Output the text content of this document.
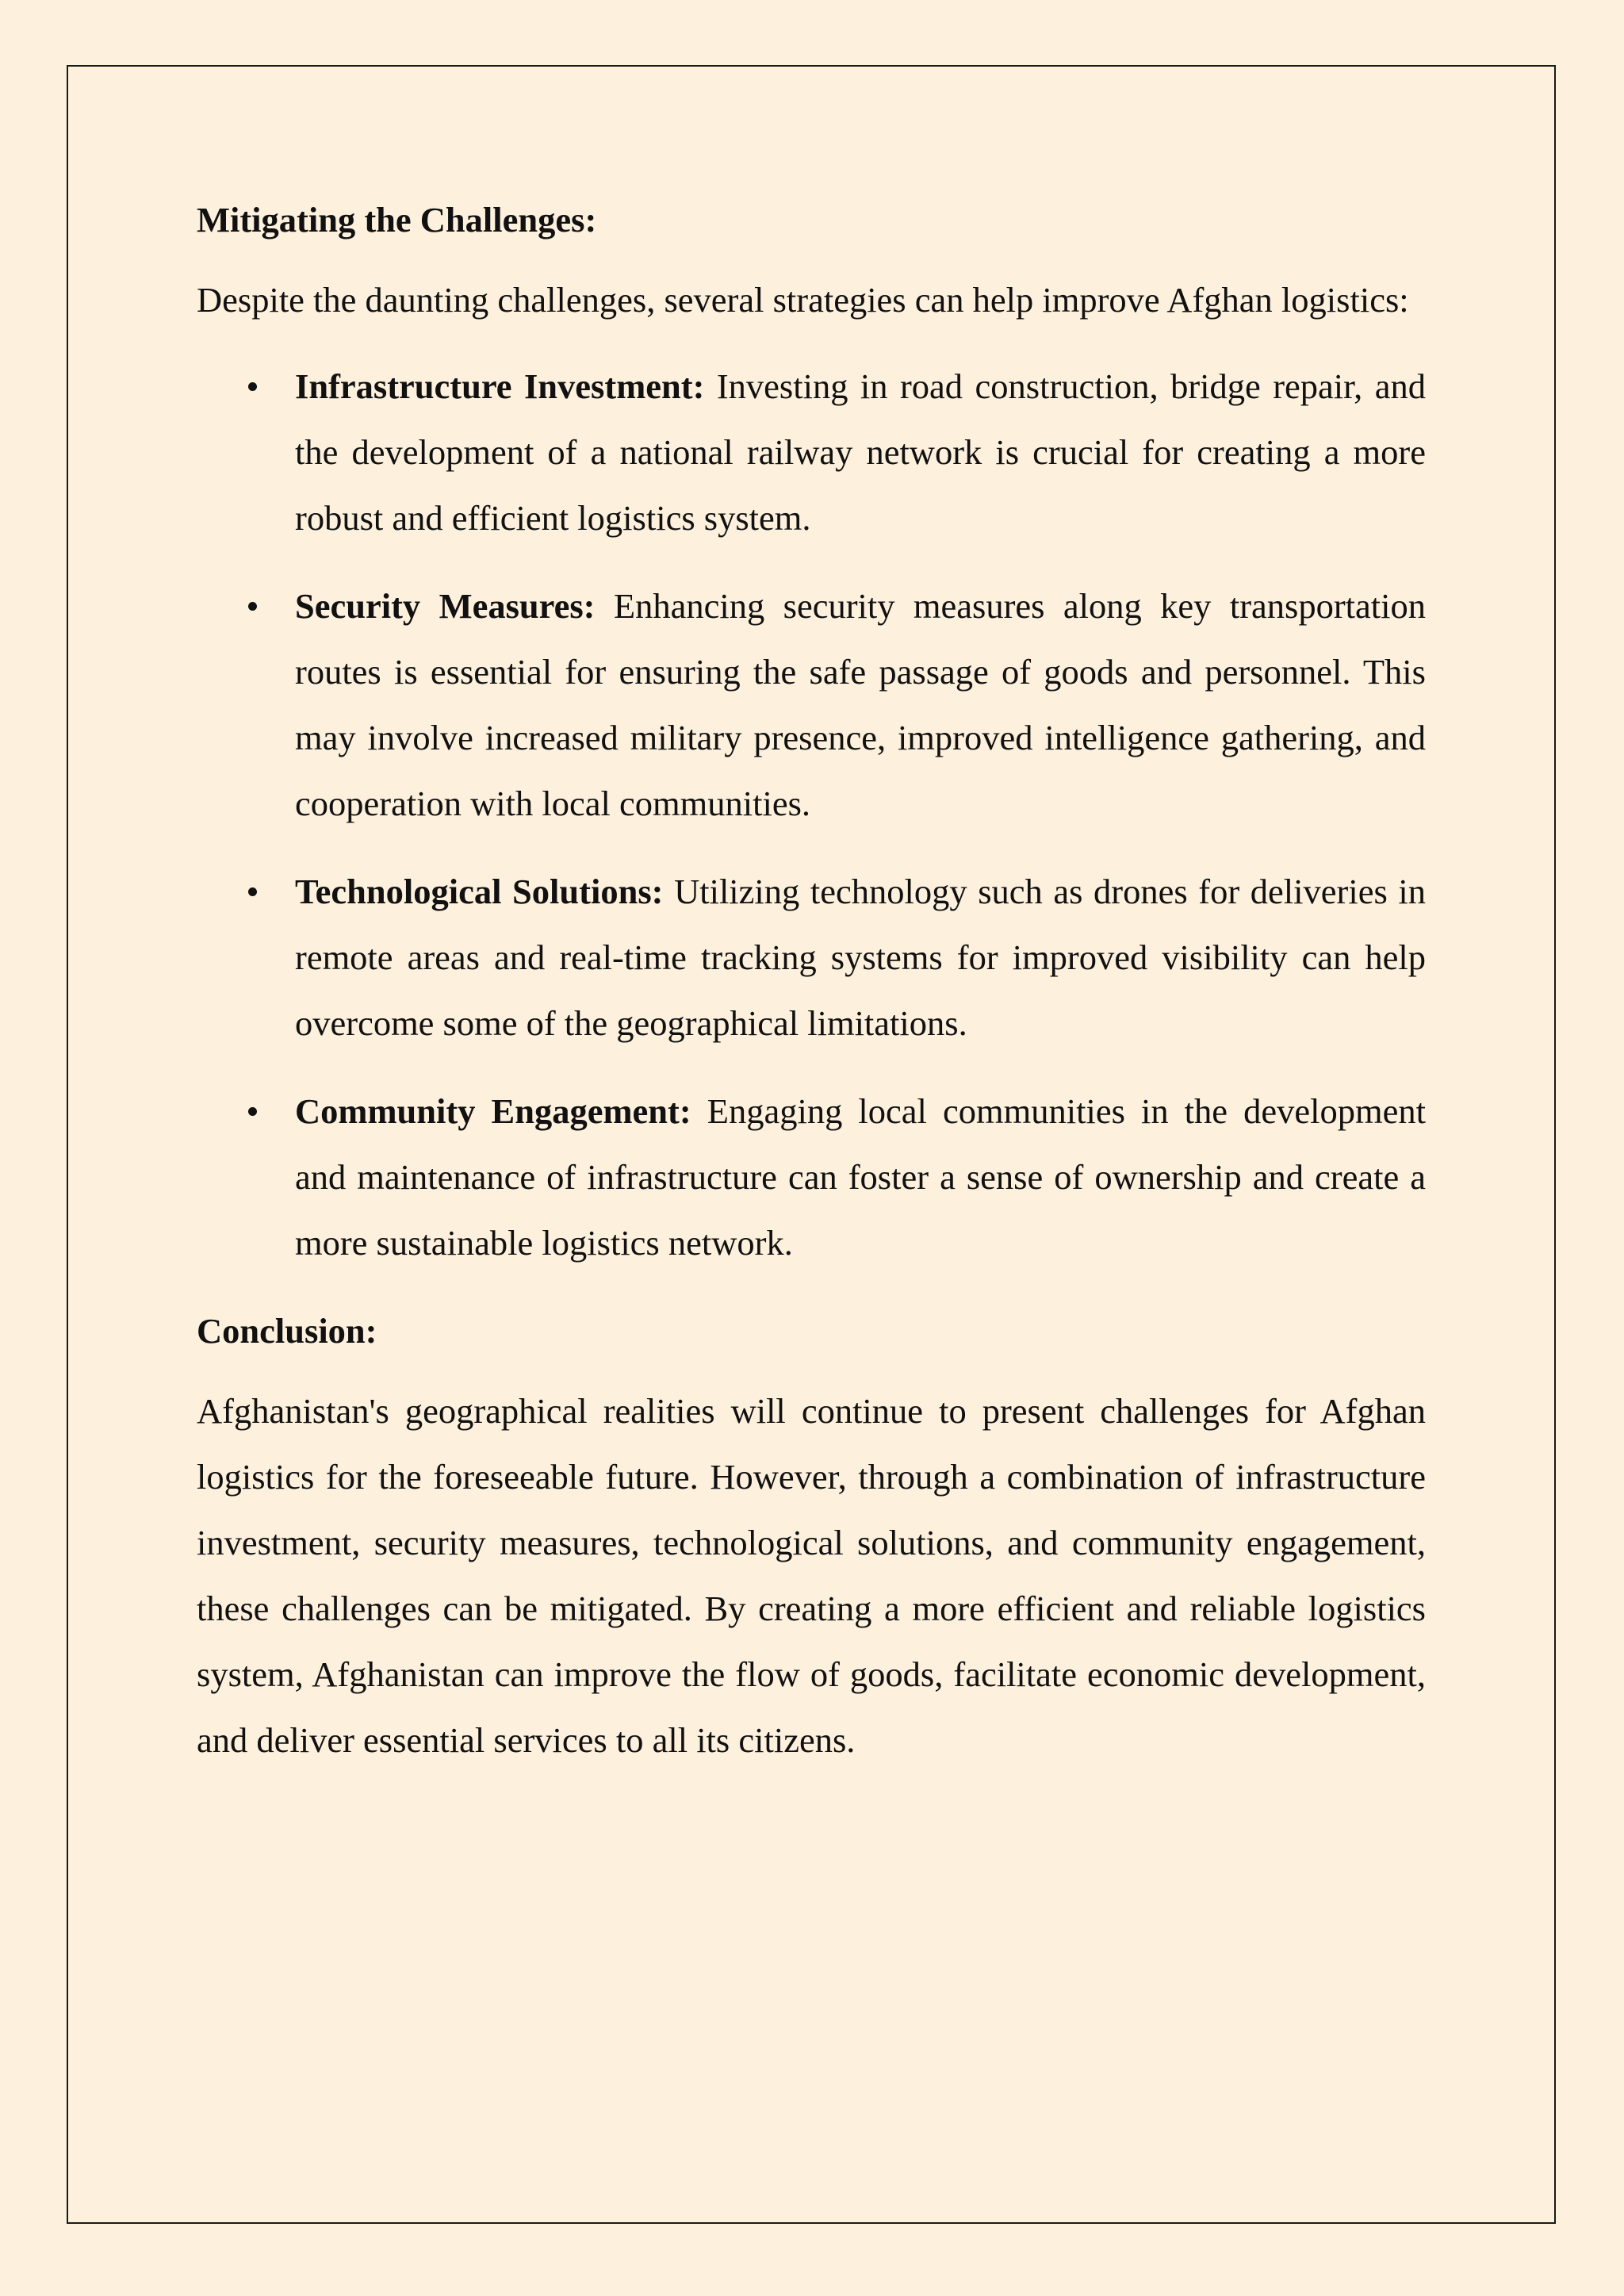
Mitigating the Challenges:

Despite the daunting challenges, several strategies can help improve Afghan logistics:

Infrastructure Investment: Investing in road construction, bridge repair, and the development of a national railway network is crucial for creating a more robust and efficient logistics system.
Security Measures: Enhancing security measures along key transportation routes is essential for ensuring the safe passage of goods and personnel. This may involve increased military presence, improved intelligence gathering, and cooperation with local communities.
Technological Solutions: Utilizing technology such as drones for deliveries in remote areas and real-time tracking systems for improved visibility can help overcome some of the geographical limitations.
Community Engagement: Engaging local communities in the development and maintenance of infrastructure can foster a sense of ownership and create a more sustainable logistics network.

Conclusion:

Afghanistan's geographical realities will continue to present challenges for Afghan logistics for the foreseeable future. However, through a combination of infrastructure investment, security measures, technological solutions, and community engagement, these challenges can be mitigated. By creating a more efficient and reliable logistics system, Afghanistan can improve the flow of goods, facilitate economic development, and deliver essential services to all its citizens.
